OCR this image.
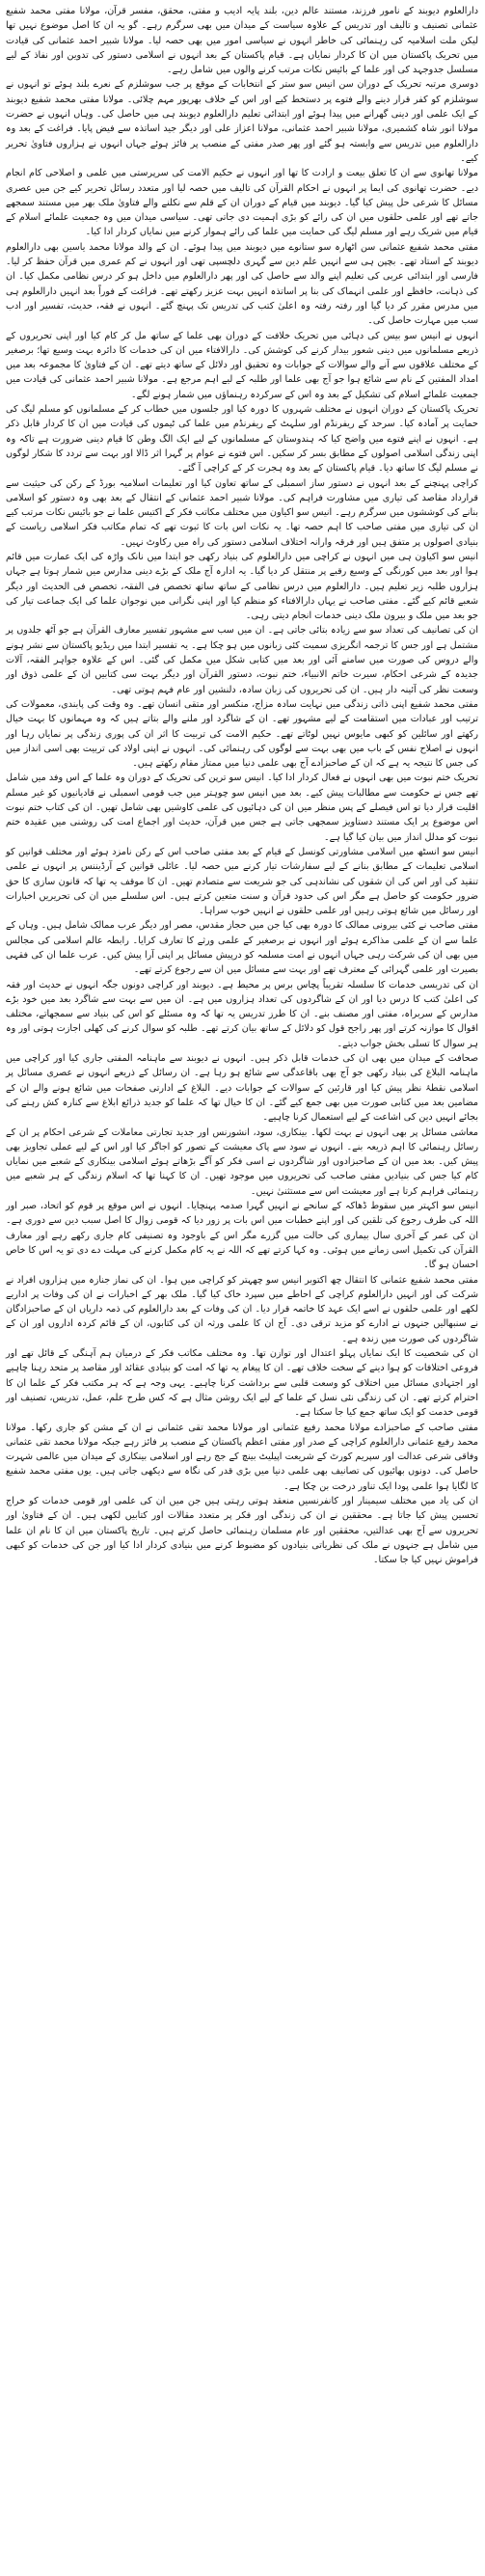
دارالعلوم دیوبند کے نامور فرزند، مستند عالم دین، بلند پایہ ادیب و مفتی، محقق، مفسر قرآن، مولانا مفتی محمد شفیع عثمانی تصنیف و تالیف اور تدریس کے علاوہ سیاست کے میدان میں بھی سرگرم رہے۔ گو یہ ان کا اصل موضوع نہیں تھا لیکن ملت اسلامیہ کی رہنمائی کی خاطر انہوں نے سیاسی امور میں بھی حصہ لیا۔ مولانا شبیر احمد عثمانی کی قیادت میں تحریک پاکستان میں ان کا کردار نمایاں ہے۔ قیام پاکستان کے بعد انہوں نے اسلامی دستور کی تدوین اور نفاذ کے لیے مسلسل جدوجہد کی اور علما کے بائیس نکات مرتب کرنے والوں میں شامل رہے۔

دوسری مرتبہ تحریک کے دوران سن انیس سو ستر کے انتخابات کے موقع پر جب سوشلزم کے نعرے بلند ہوئے تو انہوں نے سوشلزم کو کفر قرار دینے والے فتوے پر دستخط کیے اور اس کے خلاف بھرپور مہم چلائی۔ مولانا مفتی محمد شفیع دیوبند کے ایک علمی اور دینی گھرانے میں پیدا ہوئے اور ابتدائی تعلیم دارالعلوم دیوبند ہی میں حاصل کی۔ وہاں انہوں نے حضرت مولانا انور شاہ کشمیری، مولانا شبیر احمد عثمانی، مولانا اعزاز علی اور دیگر جید اساتذہ سے فیض پایا۔ فراغت کے بعد وہ دارالعلوم میں تدریس سے وابستہ ہو گئے اور پھر صدر مفتی کے منصب پر فائز ہوئے جہاں انہوں نے ہزاروں فتاویٰ تحریر کیے۔

مولانا تھانوی سے ان کا تعلق بیعت و ارادت کا تھا اور انہوں نے حکیم الامت کی سرپرستی میں علمی و اصلاحی کام انجام دیے۔ حضرت تھانوی کی ایما پر انہوں نے احکام القرآن کی تالیف میں حصہ لیا اور متعدد رسائل تحریر کیے جن میں عصری مسائل کا شرعی حل پیش کیا گیا۔ دیوبند میں قیام کے دوران ان کے قلم سے نکلنے والے فتاویٰ ملک بھر میں مستند سمجھے جاتے تھے اور علمی حلقوں میں ان کی رائے کو بڑی اہمیت دی جاتی تھی۔ سیاسی میدان میں وہ جمعیت علمائے اسلام کے قیام میں شریک رہے اور مسلم لیگ کی حمایت میں علما کی رائے ہموار کرنے میں نمایاں کردار ادا کیا۔

مفتی محمد شفیع عثمانی سن اٹھارہ سو ستانوے میں دیوبند میں پیدا ہوئے۔ ان کے والد مولانا محمد یاسین بھی دارالعلوم دیوبند کے استاد تھے۔ بچپن ہی سے انہیں علم دین سے گہری دلچسپی تھی اور انہوں نے کم عمری میں قرآن حفظ کر لیا۔ فارسی اور ابتدائی عربی کی تعلیم اپنے والد سے حاصل کی اور پھر دارالعلوم میں داخل ہو کر درس نظامی مکمل کیا۔ ان کی ذہانت، حافظے اور علمی انہماک کی بنا پر اساتذہ انہیں بہت عزیز رکھتے تھے۔ فراغت کے فوراً بعد انہیں دارالعلوم ہی میں مدرس مقرر کر دیا گیا اور رفتہ رفتہ وہ اعلیٰ کتب کی تدریس تک پہنچ گئے۔ انہوں نے فقہ، حدیث، تفسیر اور ادب سب میں مہارت حاصل کی۔

انہوں نے انیس سو بیس کی دہائی میں تحریک خلافت کے دوران بھی علما کے ساتھ مل کر کام کیا اور اپنی تحریروں کے ذریعے مسلمانوں میں دینی شعور بیدار کرنے کی کوشش کی۔ دارالافتاء میں ان کی خدمات کا دائرہ بہت وسیع تھا؛ برصغیر کے مختلف علاقوں سے آنے والے سوالات کے جوابات وہ تحقیق اور دلائل کے ساتھ دیتے تھے۔ ان کے فتاویٰ کا مجموعہ بعد میں امداد المفتین کے نام سے شائع ہوا جو آج بھی علما اور طلبہ کے لیے اہم مرجع ہے۔ مولانا شبیر احمد عثمانی کی قیادت میں جمعیت علمائے اسلام کی تشکیل کے بعد وہ اس کے سرکردہ رہنماؤں میں شمار ہونے لگے۔

تحریک پاکستان کے دوران انہوں نے مختلف شہروں کا دورہ کیا اور جلسوں میں خطاب کر کے مسلمانوں کو مسلم لیگ کی حمایت پر آمادہ کیا۔ سرحد کے ریفرنڈم اور سلہٹ کے ریفرنڈم میں علما کی ٹیموں کی قیادت میں ان کا کردار قابل ذکر ہے۔ انہوں نے اپنے فتوے میں واضح کیا کہ ہندوستان کے مسلمانوں کے لیے ایک الگ وطن کا قیام دینی ضرورت ہے تاکہ وہ اپنی زندگی اسلامی اصولوں کے مطابق بسر کر سکیں۔ اس فتوے نے عوام پر گہرا اثر ڈالا اور بہت سے تردد کا شکار لوگوں نے مسلم لیگ کا ساتھ دیا۔ قیام پاکستان کے بعد وہ ہجرت کر کے کراچی آ گئے۔

کراچی پہنچنے کے بعد انہوں نے دستور ساز اسمبلی کے ساتھ تعاون کیا اور تعلیمات اسلامیہ بورڈ کے رکن کی حیثیت سے قرارداد مقاصد کی تیاری میں مشاورت فراہم کی۔ مولانا شبیر احمد عثمانی کے انتقال کے بعد بھی وہ دستور کو اسلامی بنانے کی کوششوں میں سرگرم رہے۔ انیس سو اکیاون میں مختلف مکاتب فکر کے اکتیس علما نے جو بائیس نکات مرتب کیے ان کی تیاری میں مفتی صاحب کا اہم حصہ تھا۔ یہ نکات اس بات کا ثبوت تھے کہ تمام مکاتب فکر اسلامی ریاست کے بنیادی اصولوں پر متفق ہیں اور فرقہ وارانہ اختلاف اسلامی دستور کی راہ میں رکاوٹ نہیں۔

انیس سو اکیاون ہی میں انہوں نے کراچی میں دارالعلوم کی بنیاد رکھی جو ابتدا میں نانک واڑہ کی ایک عمارت میں قائم ہوا اور بعد میں کورنگی کے وسیع رقبے پر منتقل کر دیا گیا۔ یہ ادارہ آج ملک کے بڑے دینی مدارس میں شمار ہوتا ہے جہاں ہزاروں طلبہ زیر تعلیم ہیں۔ دارالعلوم میں درس نظامی کے ساتھ ساتھ تخصص فی الفقہ، تخصص فی الحدیث اور دیگر شعبے قائم کیے گئے۔ مفتی صاحب نے یہاں دارالافتاء کو منظم کیا اور اپنی نگرانی میں نوجوان علما کی ایک جماعت تیار کی جو بعد میں ملک و بیرون ملک دینی خدمات انجام دیتی رہی۔

ان کی تصانیف کی تعداد سو سے زیادہ بتائی جاتی ہے۔ ان میں سب سے مشہور تفسیر معارف القرآن ہے جو آٹھ جلدوں پر مشتمل ہے اور جس کا ترجمہ انگریزی سمیت کئی زبانوں میں ہو چکا ہے۔ یہ تفسیر ابتدا میں ریڈیو پاکستان سے نشر ہونے والے دروس کی صورت میں سامنے آئی اور بعد میں کتابی شکل میں مکمل کی گئی۔ اس کے علاوہ جواہر الفقہ، آلات جدیدہ کے شرعی احکام، سیرت خاتم الانبیاء، ختم نبوت، دستور القرآن اور دیگر بہت سی کتابیں ان کے علمی ذوق اور وسعت نظر کی آئینہ دار ہیں۔ ان کی تحریروں کی زبان سادہ، دلنشین اور عام فہم ہوتی تھی۔

مفتی محمد شفیع اپنی ذاتی زندگی میں نہایت سادہ مزاج، منکسر اور متقی انسان تھے۔ وہ وقت کی پابندی، معمولات کی ترتیب اور عبادات میں استقامت کے لیے مشہور تھے۔ ان کے شاگرد اور ملنے والے بتاتے ہیں کہ وہ مہمانوں کا بہت خیال رکھتے اور سائلین کو کبھی مایوس نہیں لوٹاتے تھے۔ حکیم الامت کی تربیت کا اثر ان کی پوری زندگی پر نمایاں رہا اور انہوں نے اصلاح نفس کے باب میں بھی بہت سے لوگوں کی رہنمائی کی۔ انہوں نے اپنی اولاد کی تربیت بھی اسی انداز میں کی جس کا نتیجہ یہ ہے کہ ان کے صاحبزادے آج بھی علمی دنیا میں ممتاز مقام رکھتے ہیں۔

تحریک ختم نبوت میں بھی انہوں نے فعال کردار ادا کیا۔ انیس سو ترپن کی تحریک کے دوران وہ علما کے اس وفد میں شامل تھے جس نے حکومت سے مطالبات پیش کیے۔ بعد میں انیس سو چوہتر میں جب قومی اسمبلی نے قادیانیوں کو غیر مسلم اقلیت قرار دیا تو اس فیصلے کے پس منظر میں ان کی دہائیوں کی علمی کاوشیں بھی شامل تھیں۔ ان کی کتاب ختم نبوت اس موضوع پر ایک مستند دستاویز سمجھی جاتی ہے جس میں قرآن، حدیث اور اجماع امت کی روشنی میں عقیدہ ختم نبوت کو مدلل انداز میں بیان کیا گیا ہے۔

انیس سو انسٹھ میں اسلامی مشاورتی کونسل کے قیام کے بعد مفتی صاحب اس کے رکن نامزد ہوئے اور مختلف قوانین کو اسلامی تعلیمات کے مطابق بنانے کے لیے سفارشات تیار کرنے میں حصہ لیا۔ عائلی قوانین کے آرڈیننس پر انہوں نے علمی تنقید کی اور اس کی ان شقوں کی نشاندہی کی جو شریعت سے متصادم تھیں۔ ان کا موقف یہ تھا کہ قانون سازی کا حق ضرور حکومت کو حاصل ہے مگر اس کی حدود قرآن و سنت متعین کرتے ہیں۔ اس سلسلے میں ان کی تحریریں اخبارات اور رسائل میں شائع ہوتی رہیں اور علمی حلقوں نے انہیں خوب سراہا۔

مفتی صاحب نے کئی بیرونی ممالک کا دورہ بھی کیا جن میں حجاز مقدس، مصر اور دیگر عرب ممالک شامل ہیں۔ وہاں کے علما سے ان کے علمی مذاکرے ہوئے اور انہوں نے برصغیر کے علمی ورثے کا تعارف کرایا۔ رابطہ عالم اسلامی کی مجالس میں بھی ان کی شرکت رہی جہاں انہوں نے امت مسلمہ کو درپیش مسائل پر اپنی آرا پیش کیں۔ عرب علما ان کی فقہی بصیرت اور علمی گہرائی کے معترف تھے اور بہت سے مسائل میں ان سے رجوع کرتے تھے۔

ان کی تدریسی خدمات کا سلسلہ تقریباً پچاس برس پر محیط ہے۔ دیوبند اور کراچی دونوں جگہ انہوں نے حدیث اور فقہ کی اعلیٰ کتب کا درس دیا اور ان کے شاگردوں کی تعداد ہزاروں میں ہے۔ ان میں سے بہت سے شاگرد بعد میں خود بڑے مدارس کے سربراہ، مفتی اور مصنف بنے۔ ان کا طرز تدریس یہ تھا کہ وہ مسئلے کو اس کی بنیاد سے سمجھاتے، مختلف اقوال کا موازنہ کرتے اور پھر راجح قول کو دلائل کے ساتھ بیان کرتے تھے۔ طلبہ کو سوال کرنے کی کھلی اجازت ہوتی اور وہ ہر سوال کا تسلی بخش جواب دیتے۔

صحافت کے میدان میں بھی ان کی خدمات قابل ذکر ہیں۔ انہوں نے دیوبند سے ماہنامہ المفتی جاری کیا اور کراچی میں ماہنامہ البلاغ کی بنیاد رکھی جو آج بھی باقاعدگی سے شائع ہو رہا ہے۔ ان رسائل کے ذریعے انہوں نے عصری مسائل پر اسلامی نقطۂ نظر پیش کیا اور قارئین کے سوالات کے جوابات دیے۔ البلاغ کے ادارتی صفحات میں شائع ہونے والے ان کے مضامین بعد میں کتابی صورت میں بھی جمع کیے گئے۔ ان کا خیال تھا کہ علما کو جدید ذرائع ابلاغ سے کنارہ کش رہنے کی بجائے انہیں دین کی اشاعت کے لیے استعمال کرنا چاہیے۔

معاشی مسائل پر بھی انہوں نے بہت لکھا۔ بینکاری، سود، انشورنس اور جدید تجارتی معاملات کے شرعی احکام پر ان کے رسائل رہنمائی کا اہم ذریعہ بنے۔ انہوں نے سود سے پاک معیشت کے تصور کو اجاگر کیا اور اس کے لیے عملی تجاویز بھی پیش کیں۔ بعد میں ان کے صاحبزادوں اور شاگردوں نے اسی فکر کو آگے بڑھاتے ہوئے اسلامی بینکاری کے شعبے میں نمایاں کام کیا جس کی بنیادیں مفتی صاحب کی تحریروں میں موجود تھیں۔ ان کا کہنا تھا کہ اسلام زندگی کے ہر شعبے میں رہنمائی فراہم کرتا ہے اور معیشت اس سے مستثنیٰ نہیں۔

انیس سو اکہتر میں سقوط ڈھاکہ کے سانحے نے انہیں گہرا صدمہ پہنچایا۔ انہوں نے اس موقع پر قوم کو اتحاد، صبر اور اللہ کی طرف رجوع کی تلقین کی اور اپنے خطبات میں اس بات پر زور دیا کہ قومی زوال کا اصل سبب دین سے دوری ہے۔ ان کی عمر کے آخری سال بیماری کی حالت میں گزرے مگر اس کے باوجود وہ تصنیفی کام جاری رکھے رہے اور معارف القرآن کی تکمیل اسی زمانے میں ہوئی۔ وہ کہا کرتے تھے کہ اللہ نے یہ کام مکمل کرنے کی مہلت دے دی تو یہ اس کا خاص احسان ہو گا۔

مفتی محمد شفیع عثمانی کا انتقال چھ اکتوبر انیس سو چھہتر کو کراچی میں ہوا۔ ان کی نماز جنازہ میں ہزاروں افراد نے شرکت کی اور انہیں دارالعلوم کراچی کے احاطے میں سپرد خاک کیا گیا۔ ملک بھر کے اخبارات نے ان کی وفات پر اداریے لکھے اور علمی حلقوں نے اسے ایک عہد کا خاتمہ قرار دیا۔ ان کی وفات کے بعد دارالعلوم کی ذمہ داریاں ان کے صاحبزادگان نے سنبھالیں جنہوں نے ادارے کو مزید ترقی دی۔ آج ان کا علمی ورثہ ان کی کتابوں، ان کے قائم کردہ اداروں اور ان کے شاگردوں کی صورت میں زندہ ہے۔

ان کی شخصیت کا ایک نمایاں پہلو اعتدال اور توازن تھا۔ وہ مختلف مکاتب فکر کے درمیان ہم آہنگی کے قائل تھے اور فروعی اختلافات کو ہوا دینے کے سخت خلاف تھے۔ ان کا پیغام یہ تھا کہ امت کو بنیادی عقائد اور مقاصد پر متحد رہنا چاہیے اور اجتہادی مسائل میں اختلاف کو وسعت قلبی سے برداشت کرنا چاہیے۔ یہی وجہ ہے کہ ہر مکتب فکر کے علما ان کا احترام کرتے تھے۔ ان کی زندگی نئی نسل کے علما کے لیے ایک روشن مثال ہے کہ کس طرح علم، عمل، تدریس، تصنیف اور قومی خدمت کو ایک ساتھ جمع کیا جا سکتا ہے۔

مفتی صاحب کے صاحبزادے مولانا محمد رفیع عثمانی اور مولانا محمد تقی عثمانی نے ان کے مشن کو جاری رکھا۔ مولانا محمد رفیع عثمانی دارالعلوم کراچی کے صدر اور مفتی اعظم پاکستان کے منصب پر فائز رہے جبکہ مولانا محمد تقی عثمانی وفاقی شرعی عدالت اور سپریم کورٹ کے شریعت اپیلیٹ بینچ کے جج رہے اور اسلامی بینکاری کے میدان میں عالمی شہرت حاصل کی۔ دونوں بھائیوں کی تصانیف بھی علمی دنیا میں بڑی قدر کی نگاہ سے دیکھی جاتی ہیں۔ یوں مفتی محمد شفیع کا لگایا ہوا علمی پودا ایک تناور درخت بن چکا ہے۔

ان کی یاد میں مختلف سیمینار اور کانفرنسیں منعقد ہوتی رہتی ہیں جن میں ان کی علمی اور قومی خدمات کو خراج تحسین پیش کیا جاتا ہے۔ محققین نے ان کی زندگی اور فکر پر متعدد مقالات اور کتابیں لکھی ہیں۔ ان کے فتاویٰ اور تحریروں سے آج بھی عدالتیں، محققین اور عام مسلمان رہنمائی حاصل کرتے ہیں۔ تاریخ پاکستان میں ان کا نام ان علما میں شامل ہے جنہوں نے ملک کی نظریاتی بنیادوں کو مضبوط کرنے میں بنیادی کردار ادا کیا اور جن کی خدمات کو کبھی فراموش نہیں کیا جا سکتا۔
